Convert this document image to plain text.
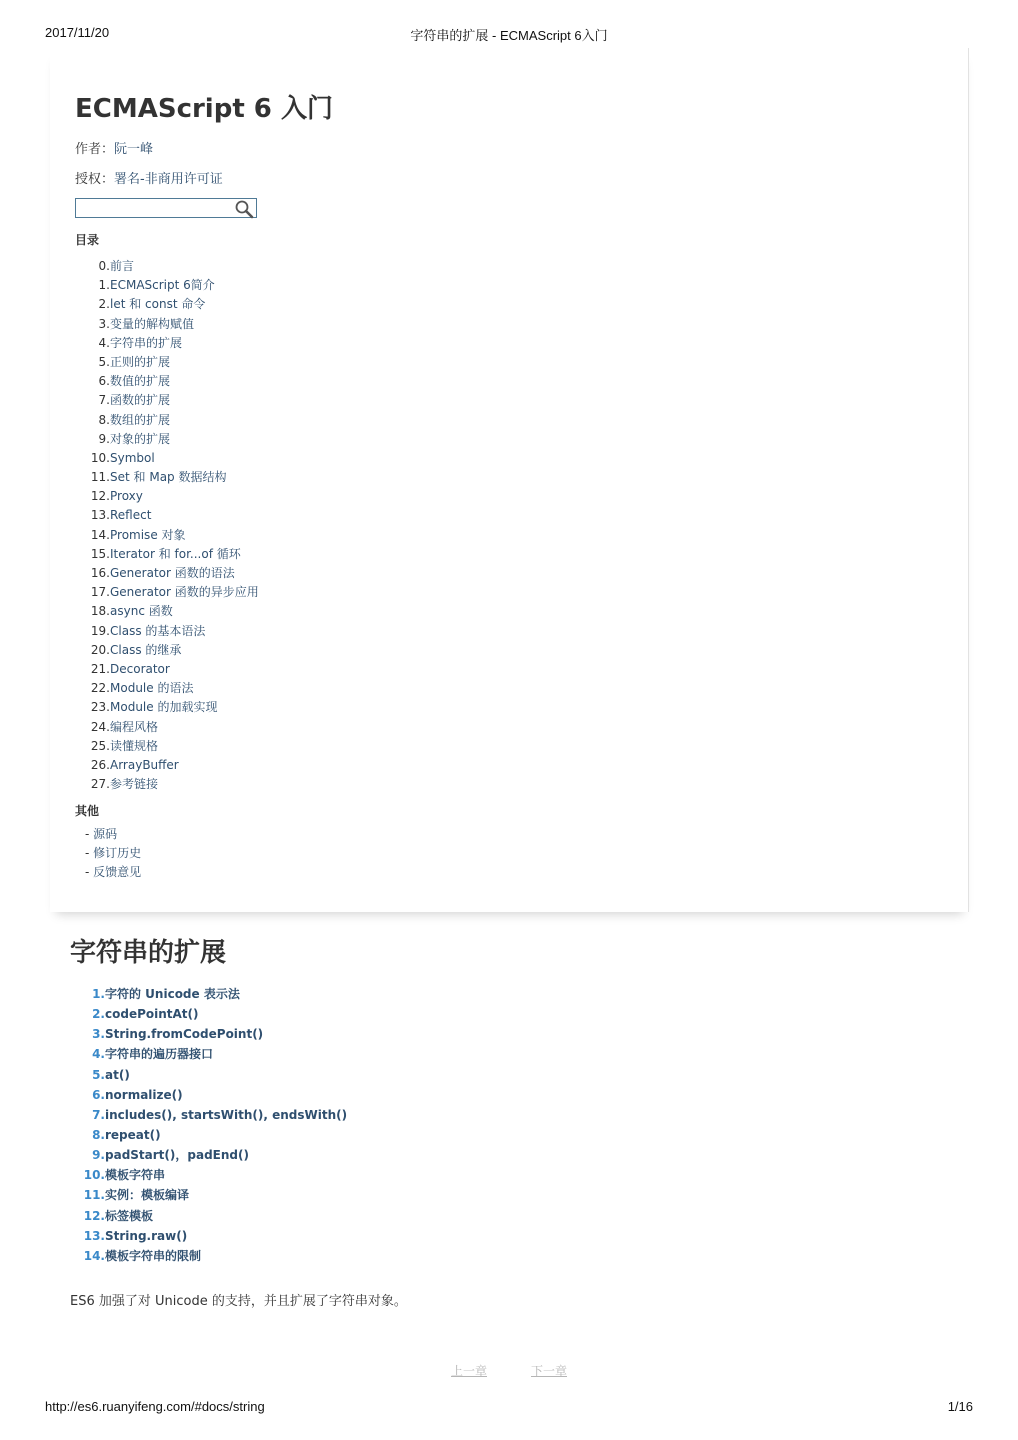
2017/11/20	字符串的扩展 - ECMAScript 6入门
ECMAScript 6 入门
作者：阮一峰
授权：署名-非商用许可证
目录
0.前言
1.ECMAScript 6简介
2.let 和 const 命令
3.变量的解构赋值
4.字符串的扩展
5.正则的扩展
6.数值的扩展
7.函数的扩展
8.数组的扩展
9.对象的扩展
10.Symbol
11.Set 和 Map 数据结构
12.Proxy
13.Reflect
14.Promise 对象
15.Iterator 和 for...of 循环
16.Generator 函数的语法
17.Generator 函数的异步应用
18.async 函数
19.Class 的基本语法
20.Class 的继承
21.Decorator
22.Module 的语法
23.Module 的加载实现
24.编程风格
25.读懂规格
26.ArrayBuffer
27.参考链接
其他
- 源码
- 修订历史
- 反馈意见
字符串的扩展
1.字符的 Unicode 表示法
2.codePointAt()
3.String.fromCodePoint()
4.字符串的遍历器接口
5.at()
6.normalize()
7.includes(), startsWith(), endsWith()
8.repeat()
9.padStart()，padEnd()
10.模板字符串
11.实例：模板编译
12.标签模板
13.String.raw()
14.模板字符串的限制

ES6 加强了对 Unicode 的支持，并且扩展了字符串对象。

上一章	下一章
http://es6.ruanyifeng.com/#docs/string	1/16
